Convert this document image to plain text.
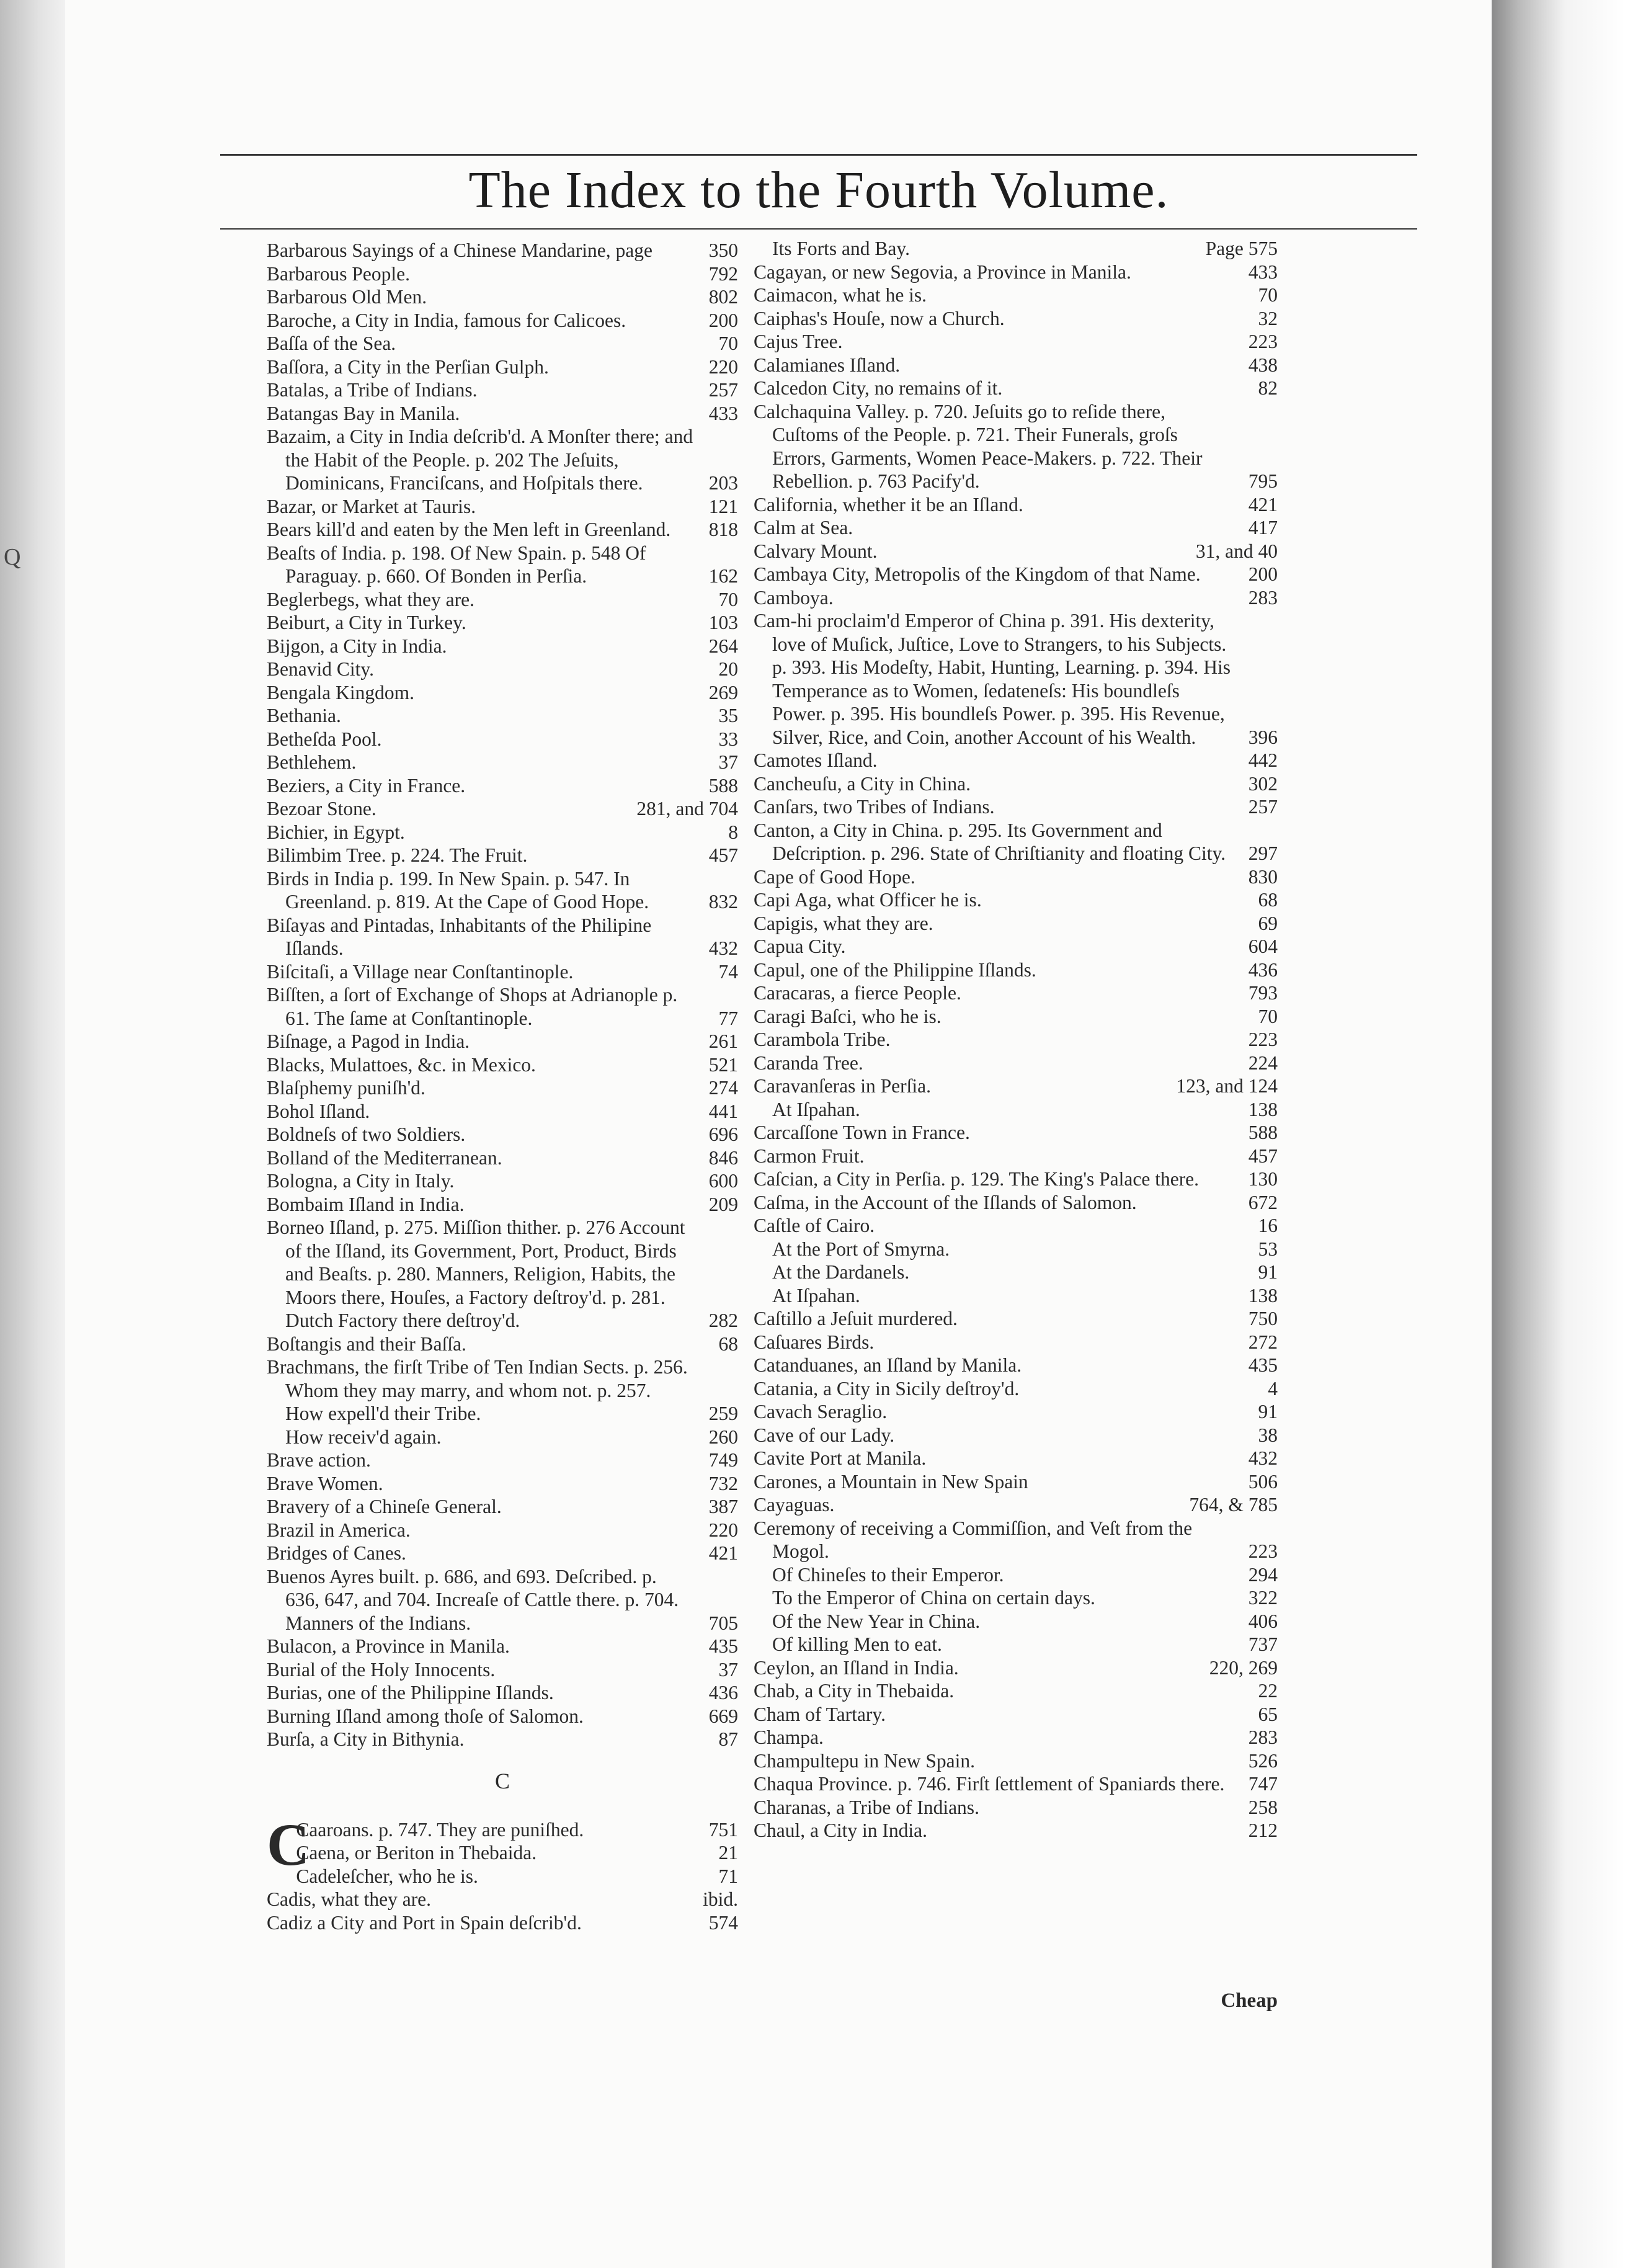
Q
The Index to the Fourth Volume.
Barbarous Sayings of a Chinese Mandarine, page	350
Barbarous People.	792
Barbarous Old Men.	802
Baroche, a City in India, famous for Calicoes.	200
Baſſa of the Sea.	70
Baſſora, a City in the Perſian Gulph.	220
Batalas, a Tribe of Indians.	257
Batangas Bay in Manila.	433
Bazaim, a City in India deſcrib'd. A Monſter there; and the Habit of the People. p. 202 The Jeſuits, Dominicans, Franciſcans, and Hoſpitals there.	203
Bazar, or Market at Tauris.	121
Bears kill'd and eaten by the Men left in Greenland. 818
Beaſts of India. p. 198. Of New Spain. p. 548 Of Paraguay. p. 660. Of Bonden in Perſia.	162
Beglerbegs, what they are.	70
Beiburt, a City in Turkey.	103
Bijgon, a City in India.	264
Benavid City.	20
Bengala Kingdom.	269
Bethania.	35
Betheſda Pool.	33
Bethlehem.	37
Beziers, a City in France.	588
Bezoar Stone.	281, and 704
Bichier, in Egypt.	8
Bilimbim Tree. p. 224. The Fruit.	457
Birds in India p. 199. In New Spain. p. 547. In Greenland. p. 819. At the Cape of Good Hope.	832
Biſayas and Pintadas, Inhabitants of the Philipine Iſlands.	432
Biſcitaſi, a Village near Conſtantinople.	74
Biſſten, a ſort of Exchange of Shops at Adrianople p. 61. The ſame at Conſtantinople.	77
Biſnage, a Pagod in India.	261
Blacks, Mulattoes, &c. in Mexico.	521
Blaſphemy puniſh'd.	274
Bohol Iſland.	441
Boldneſs of two Soldiers.	696
Bolland of the Mediterranean.	846
Bologna, a City in Italy.	600
Bombaim Iſland in India.	209
Borneo Iſland, p. 275. Miſſion thither. p. 276 Account of the Iſland, its Government, Port, Product, Birds and Beaſts. p. 280. Manners, Religion, Habits, the Moors there, Houſes, a Factory deſtroy'd. p. 281. Dutch Factory there deſtroy'd.	282
Boſtangis and their Baſſa.	68
Brachmans, the firſt Tribe of Ten Indian Sects. p. 256. Whom they may marry, and whom not. p. 257. How expell'd their Tribe.	259
How receiv'd again.	260
Brave action.	749
Brave Women.	732
Bravery of a Chineſe General.	387
Brazil in America.	220
Bridges of Canes.	421
Buenos Ayres built. p. 686, and 693. Deſcribed. p. 636, 647, and 704. Increaſe of Cattle there. p. 704. Manners of the Indians.	705
Bulacon, a Province in Manila.	435
Burial of the Holy Innocents.	37
Burias, one of the Philippine Iſlands.	436
Burning Iſland among thoſe of Salomon.	669
Burſa, a City in Bithynia.	87
C
C
Caaroans. p. 747. They are puniſhed.	751
Caena, or Beriton in Thebaida.	21
Cadeleſcher, who he is.	71
Cadis, what they are.	ibid.
Cadiz a City and Port in Spain deſcrib'd.	574
Its Forts and Bay.	Page 575
Cagayan, or new Segovia, a Province in Manila.	433
Caimacon, what he is.	70
Caiphas's Houſe, now a Church.	32
Cajus Tree.	223
Calamianes Iſland.	438
Calcedon City, no remains of it.	82
Calchaquina Valley. p. 720. Jeſuits go to reſide there, Cuſtoms of the People. p. 721. Their Funerals, groſs Errors, Garments, Women Peace-Makers. p. 722. Their Rebellion. p. 763 Pacify'd.	795
California, whether it be an Iſland.	421
Calm at Sea.	417
Calvary Mount.	31, and 40
Cambaya City, Metropolis of the Kingdom of that Name. 200
Camboya.	283
Cam-hi proclaim'd Emperor of China p. 391. His dexterity, love of Muſick, Juſtice, Love to Strangers, to his Subjects. p. 393. His Modeſty, Habit, Hunting, Learning. p. 394. His Temperance as to Women, ſedateneſs: His boundleſs Power. p. 395. His boundleſs Power. p. 395. His Revenue, Silver, Rice, and Coin, another Account of his Wealth.	396
Camotes Iſland.	442
Cancheuſu, a City in China.	302
Canſars, two Tribes of Indians.	257
Canton, a City in China. p. 295. Its Government and Deſcription. p. 296. State of Chriſtianity and floating City. 297
Cape of Good Hope.	830
Capi Aga, what Officer he is.	68
Capigis, what they are.	69
Capua City.	604
Capul, one of the Philippine Iſlands.	436
Caracaras, a fierce People.	793
Caragi Baſci, who he is.	70
Carambola Tribe.	223
Caranda Tree.	224
Caravanſeras in Perſia.	123, and 124
At Iſpahan.	138
Carcaſſone Town in France.	588
Carmon Fruit.	457
Caſcian, a City in Perſia. p. 129. The King's Palace there.	130
Caſma, in the Account of the Iſlands of Salomon.	672
Caſtle of Cairo.	16
At the Port of Smyrna.	53
At the Dardanels.	91
At Iſpahan.	138
Caſtillo a Jeſuit murdered.	750
Caſuares Birds.	272
Catanduanes, an Iſland by Manila.	435
Catania, a City in Sicily deſtroy'd.	4
Cavach Seraglio.	91
Cave of our Lady.	38
Cavite Port at Manila.	432
Carones, a Mountain in New Spain	506
Cayaguas.	764, & 785
Ceremony of receiving a Commiſſion, and Veſt from the Mogol.	223
Of Chineſes to their Emperor.	294
To the Emperor of China on certain days.	322
Of the New Year in China.	406
Of killing Men to eat.	737
Ceylon, an Iſland in India.	220, 269
Chab, a City in Thebaida.	22
Cham of Tartary.	65
Champa.	283
Champultepu in New Spain.	526
Chaqua Province. p. 746. Firſt ſettlement of Spaniards there. 747
Charanas, a Tribe of Indians.	258
Chaul, a City in India.	212
Cheap
